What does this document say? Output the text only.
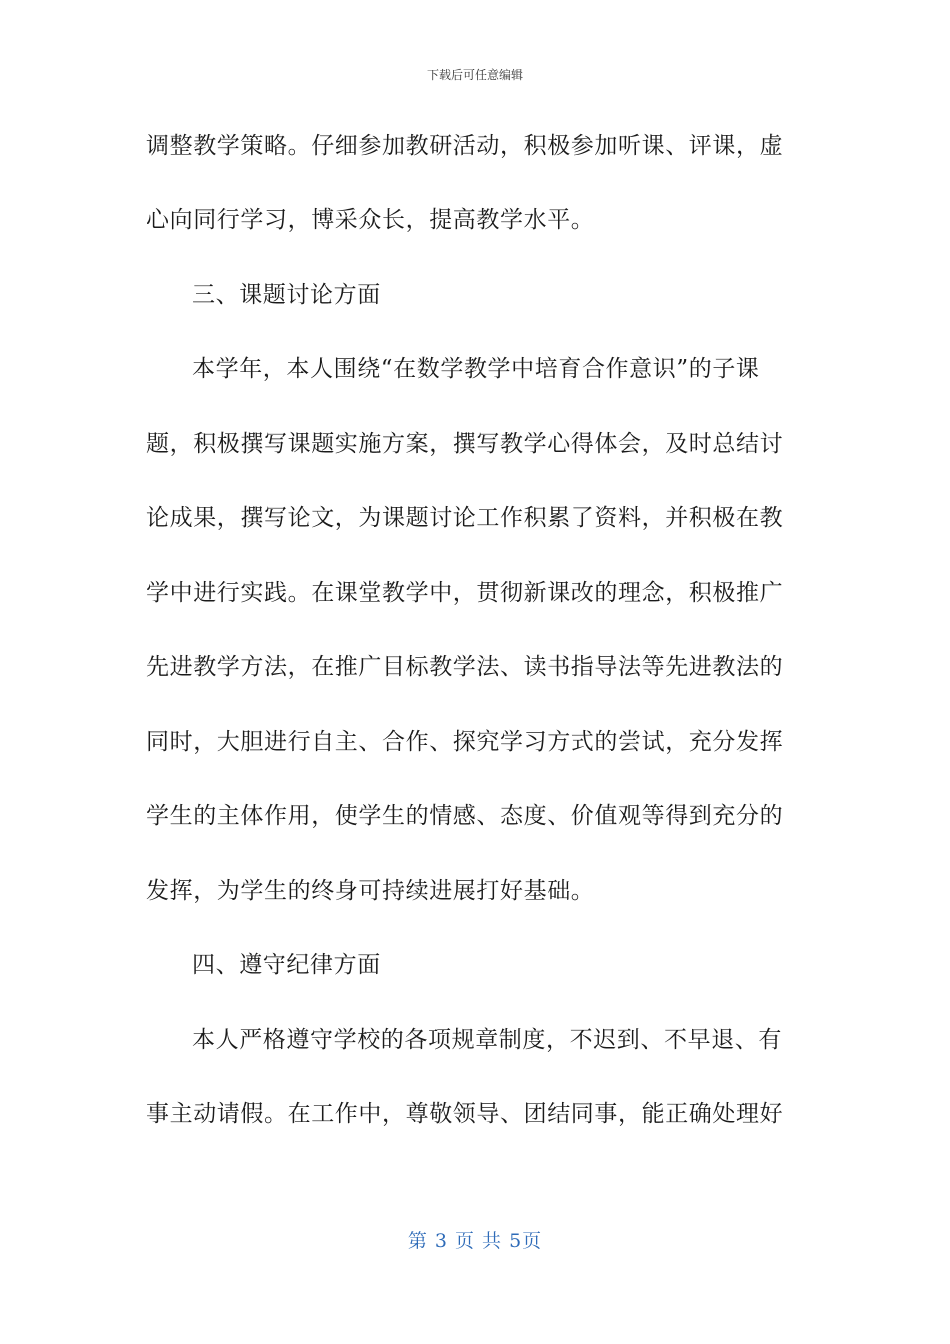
下载后可任意编辑
调整教学策略。仔细参加教研活动，积极参加听课、评课，虚
心向同行学习，博采众长，提高教学水平。
三、课题讨论方面
本学年，本人围绕“在数学教学中培育合作意识”的子课
题，积极撰写课题实施方案，撰写教学心得体会，及时总结讨
论成果，撰写论文，为课题讨论工作积累了资料，并积极在教
学中进行实践。在课堂教学中，贯彻新课改的理念，积极推广
先进教学方法，在推广目标教学法、读书指导法等先进教法的
同时，大胆进行自主、合作、探究学习方式的尝试，充分发挥
学生的主体作用，使学生的情感、态度、价值观等得到充分的
发挥，为学生的终身可持续进展打好基础。
四、遵守纪律方面
本人严格遵守学校的各项规章制度，不迟到、不早退、有
事主动请假。在工作中，尊敬领导、团结同事，能正确处理好
第 3 页 共 5页
